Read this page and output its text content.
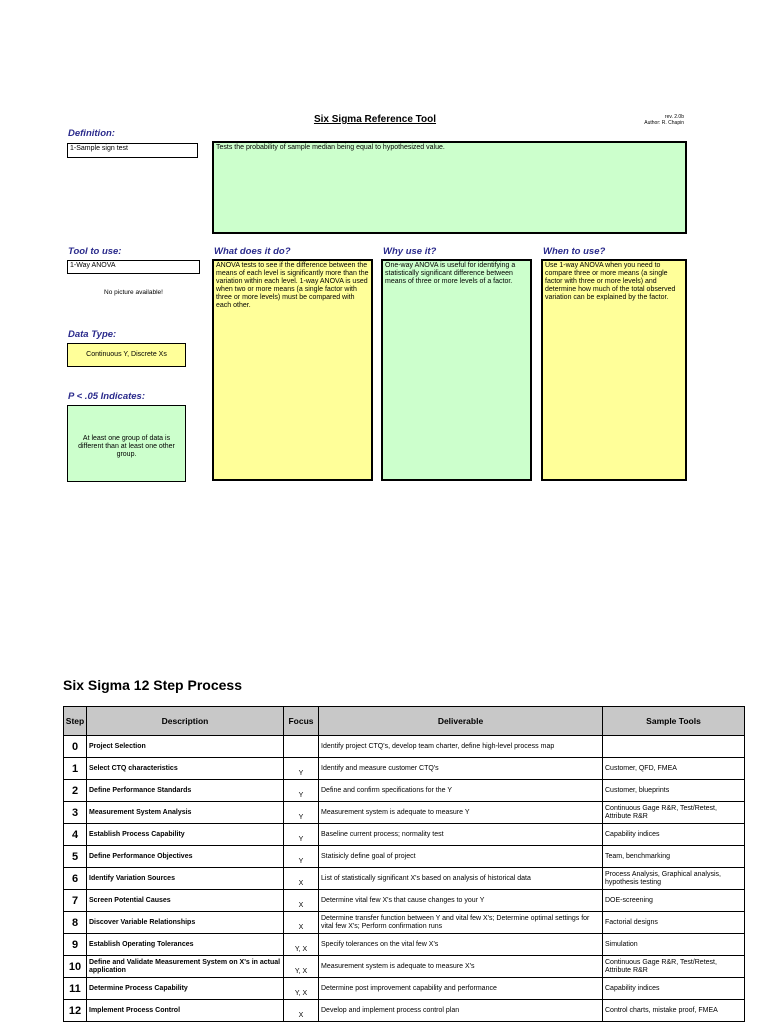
Six Sigma Reference Tool	rev. 2.0b
Author: R. Chapin
Definition:
1-Sample sign test	Tests the probability of sample median being equal to hypothesized value.
Tool to use:
1-Way ANOVA
No picture available!
What does it do?
ANOVA tests to see if the difference between the means of each level is significantly more than the variation within each level. 1-way ANOVA is used when two or more means (a single factor with three or more levels) must be compared with each other.
Why use it?
One-way ANOVA is useful for identifying a statistically significant difference between means of three or more levels of a factor.
When to use?
Use 1-way ANOVA when you need to compare three or more means (a single factor with three or more levels) and determine how much of the total observed variation can be explained by the factor.
Data Type:
Continuous Y, Discrete Xs
P < .05 Indicates:
At least one group of data is different than at least one other group.
Six Sigma 12 Step Process
Step	Description	Focus	Deliverable	Sample Tools
0	Project Selection		Identify project CTQ's, develop team charter, define high-level process map	
1	Select CTQ characteristics	Y	Identify and measure customer CTQ's	Customer, QFD, FMEA
2	Define Performance Standards	Y	Define and confirm specifications for the Y	Customer, blueprints
3	Measurement System Analysis	Y	Measurement system is adequate to measure Y	Continuous Gage R&R, Test/Retest, Attribute R&R
4	Establish Process Capability	Y	Baseline current process; normality test	Capability indices
5	Define Performance Objectives	Y	Statisicly define goal of project	Team, benchmarking
6	Identify Variation Sources	X	List of statistically significant X's based on analysis of historical data	Process Analysis, Graphical analysis, hypothesis testing
7	Screen Potential Causes	X	Determine vital few X's that cause changes to your Y	DOE-screening
8	Discover Variable Relationships	X	Determine transfer function between Y and vital few X's; Determine optimal settings for vital few X's; Perform confirmation runs	Factorial designs
9	Establish Operating Tolerances	Y, X	Specify tolerances on the vital few X's	Simulation
10	Define and Validate Measurement System on X's in actual application	Y, X	Measurement system is adequate to measure X's	Continuous Gage R&R, Test/Retest, Attribute R&R
11	Determine Process Capability	Y, X	Determine post improvement capability and performance	Capability indices
12	Implement Process Control	X	Develop and implement process control plan	Control charts, mistake proof, FMEA
